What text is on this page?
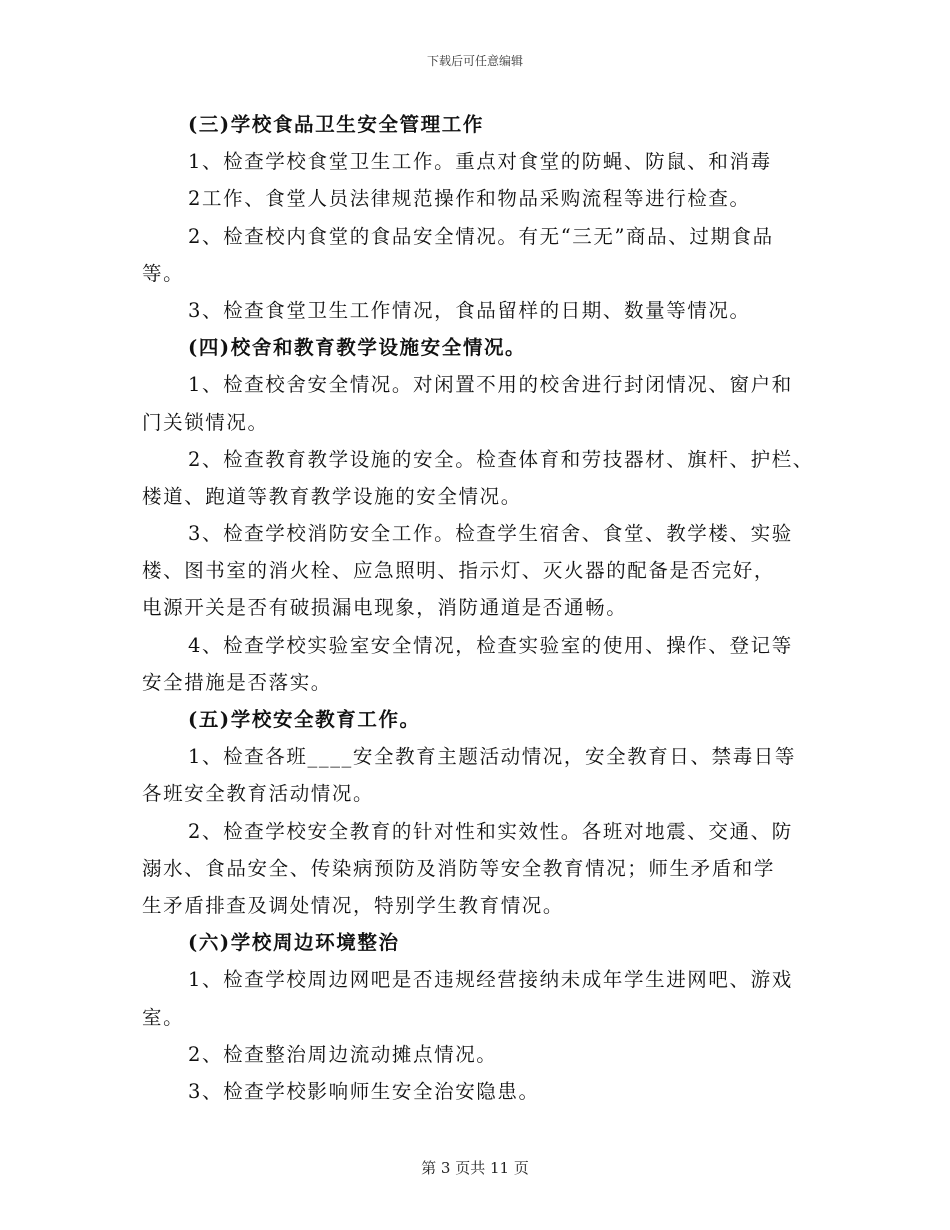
下载后可任意编辑
(三)学校食品卫生安全管理工作
1、检查学校食堂卫生工作。重点对食堂的防蝇、防鼠、和消毒
2工作、食堂人员法律规范操作和物品采购流程等进行检查。
2、检查校内食堂的食品安全情况。有无“三无”商品、过期食品
等。
3、检查食堂卫生工作情况，食品留样的日期、数量等情况。
(四)校舍和教育教学设施安全情况。
1、检查校舍安全情况。对闲置不用的校舍进行封闭情况、窗户和
门关锁情况。
2、检查教育教学设施的安全。检查体育和劳技器材、旗杆、护栏、
楼道、跑道等教育教学设施的安全情况。
3、检查学校消防安全工作。检查学生宿舍、食堂、教学楼、实验
楼、图书室的消火栓、应急照明、指示灯、灭火器的配备是否完好，
电源开关是否有破损漏电现象，消防通道是否通畅。
4、检查学校实验室安全情况，检查实验室的使用、操作、登记等
安全措施是否落实。
(五)学校安全教育工作。
1、检查各班____安全教育主题活动情况，安全教育日、禁毒日等
各班安全教育活动情况。
2、检查学校安全教育的针对性和实效性。各班对地震、交通、防
溺水、食品安全、传染病预防及消防等安全教育情况；师生矛盾和学
生矛盾排查及调处情况，特别学生教育情况。
(六)学校周边环境整治
1、检查学校周边网吧是否违规经营接纳未成年学生进网吧、游戏
室。
2、检查整治周边流动摊点情况。
3、检查学校影响师生安全治安隐患。
第 3 页共 11 页
